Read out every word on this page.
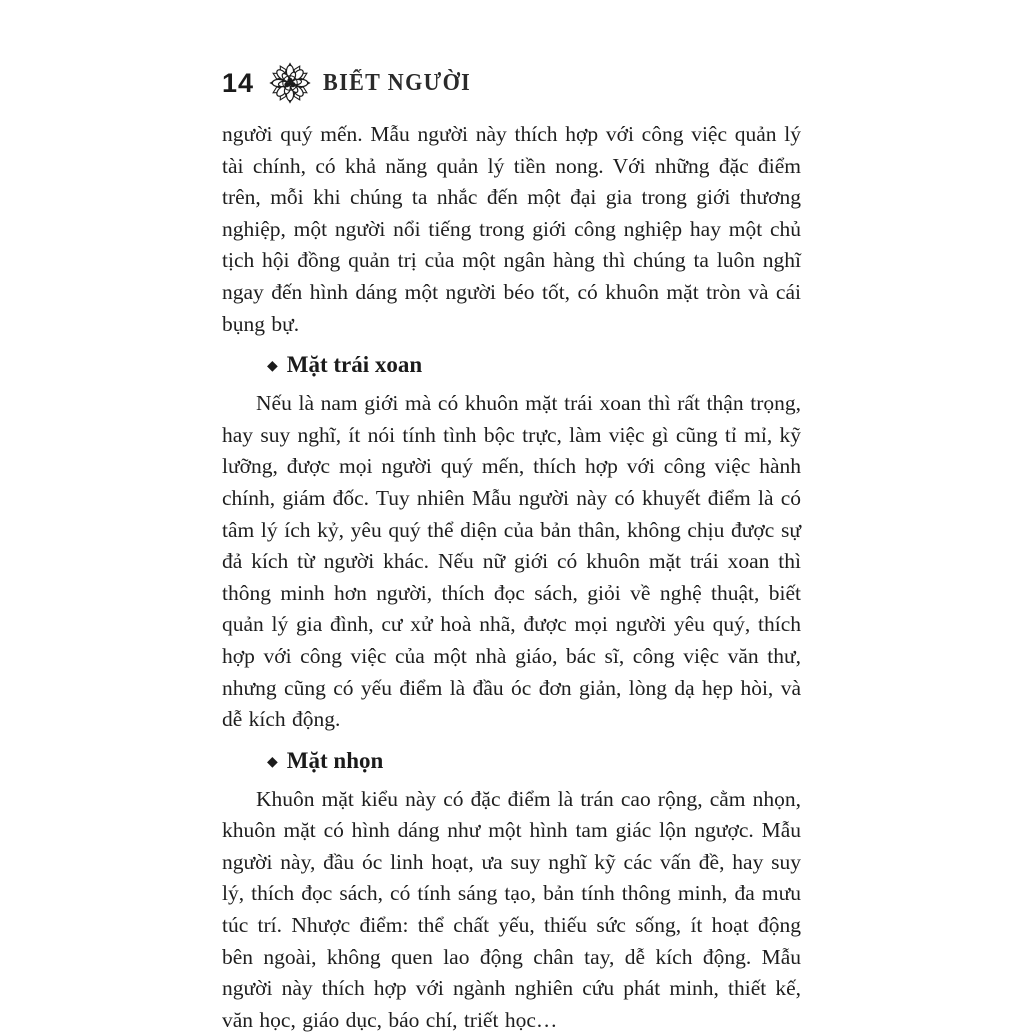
14	BIẾT NGƯỜI

người quý mến. Mẫu người này thích hợp với công việc quản lý tài chính, có khả năng quản lý tiền nong. Với những đặc điểm trên, mỗi khi chúng ta nhắc đến một đại gia trong giới thương nghiệp, một người nổi tiếng trong giới công nghiệp hay một chủ tịch hội đồng quản trị của một ngân hàng thì chúng ta luôn nghĩ ngay đến hình dáng một người béo tốt, có khuôn mặt tròn và cái bụng bự.

◆ Mặt trái xoan

Nếu là nam giới mà có khuôn mặt trái xoan thì rất thận trọng, hay suy nghĩ, ít nói tính tình bộc trực, làm việc gì cũng tỉ mỉ, kỹ lưỡng, được mọi người quý mến, thích hợp với công việc hành chính, giám đốc. Tuy nhiên Mẫu người này có khuyết điểm là có tâm lý ích kỷ, yêu quý thể diện của bản thân, không chịu được sự đả kích từ người khác. Nếu nữ giới có khuôn mặt trái xoan thì thông minh hơn người, thích đọc sách, giỏi về nghệ thuật, biết quản lý gia đình, cư xử hoà nhã, được mọi người yêu quý, thích hợp với công việc của một nhà giáo, bác sĩ, công việc văn thư, nhưng cũng có yếu điểm là đầu óc đơn giản, lòng dạ hẹp hòi, và dễ kích động.

◆ Mặt nhọn

Khuôn mặt kiểu này có đặc điểm là trán cao rộng, cằm nhọn, khuôn mặt có hình dáng như một hình tam giác lộn ngược. Mẫu người này, đầu óc linh hoạt, ưa suy nghĩ kỹ các vấn đề, hay suy lý, thích đọc sách, có tính sáng tạo, bản tính thông minh, đa mưu túc trí. Nhược điểm: thể chất yếu, thiếu sức sống, ít hoạt động bên ngoài, không quen lao động chân tay, dễ kích động. Mẫu người này thích hợp với ngành nghiên cứu phát minh, thiết kế, văn học, giáo dục, báo chí, triết học…
